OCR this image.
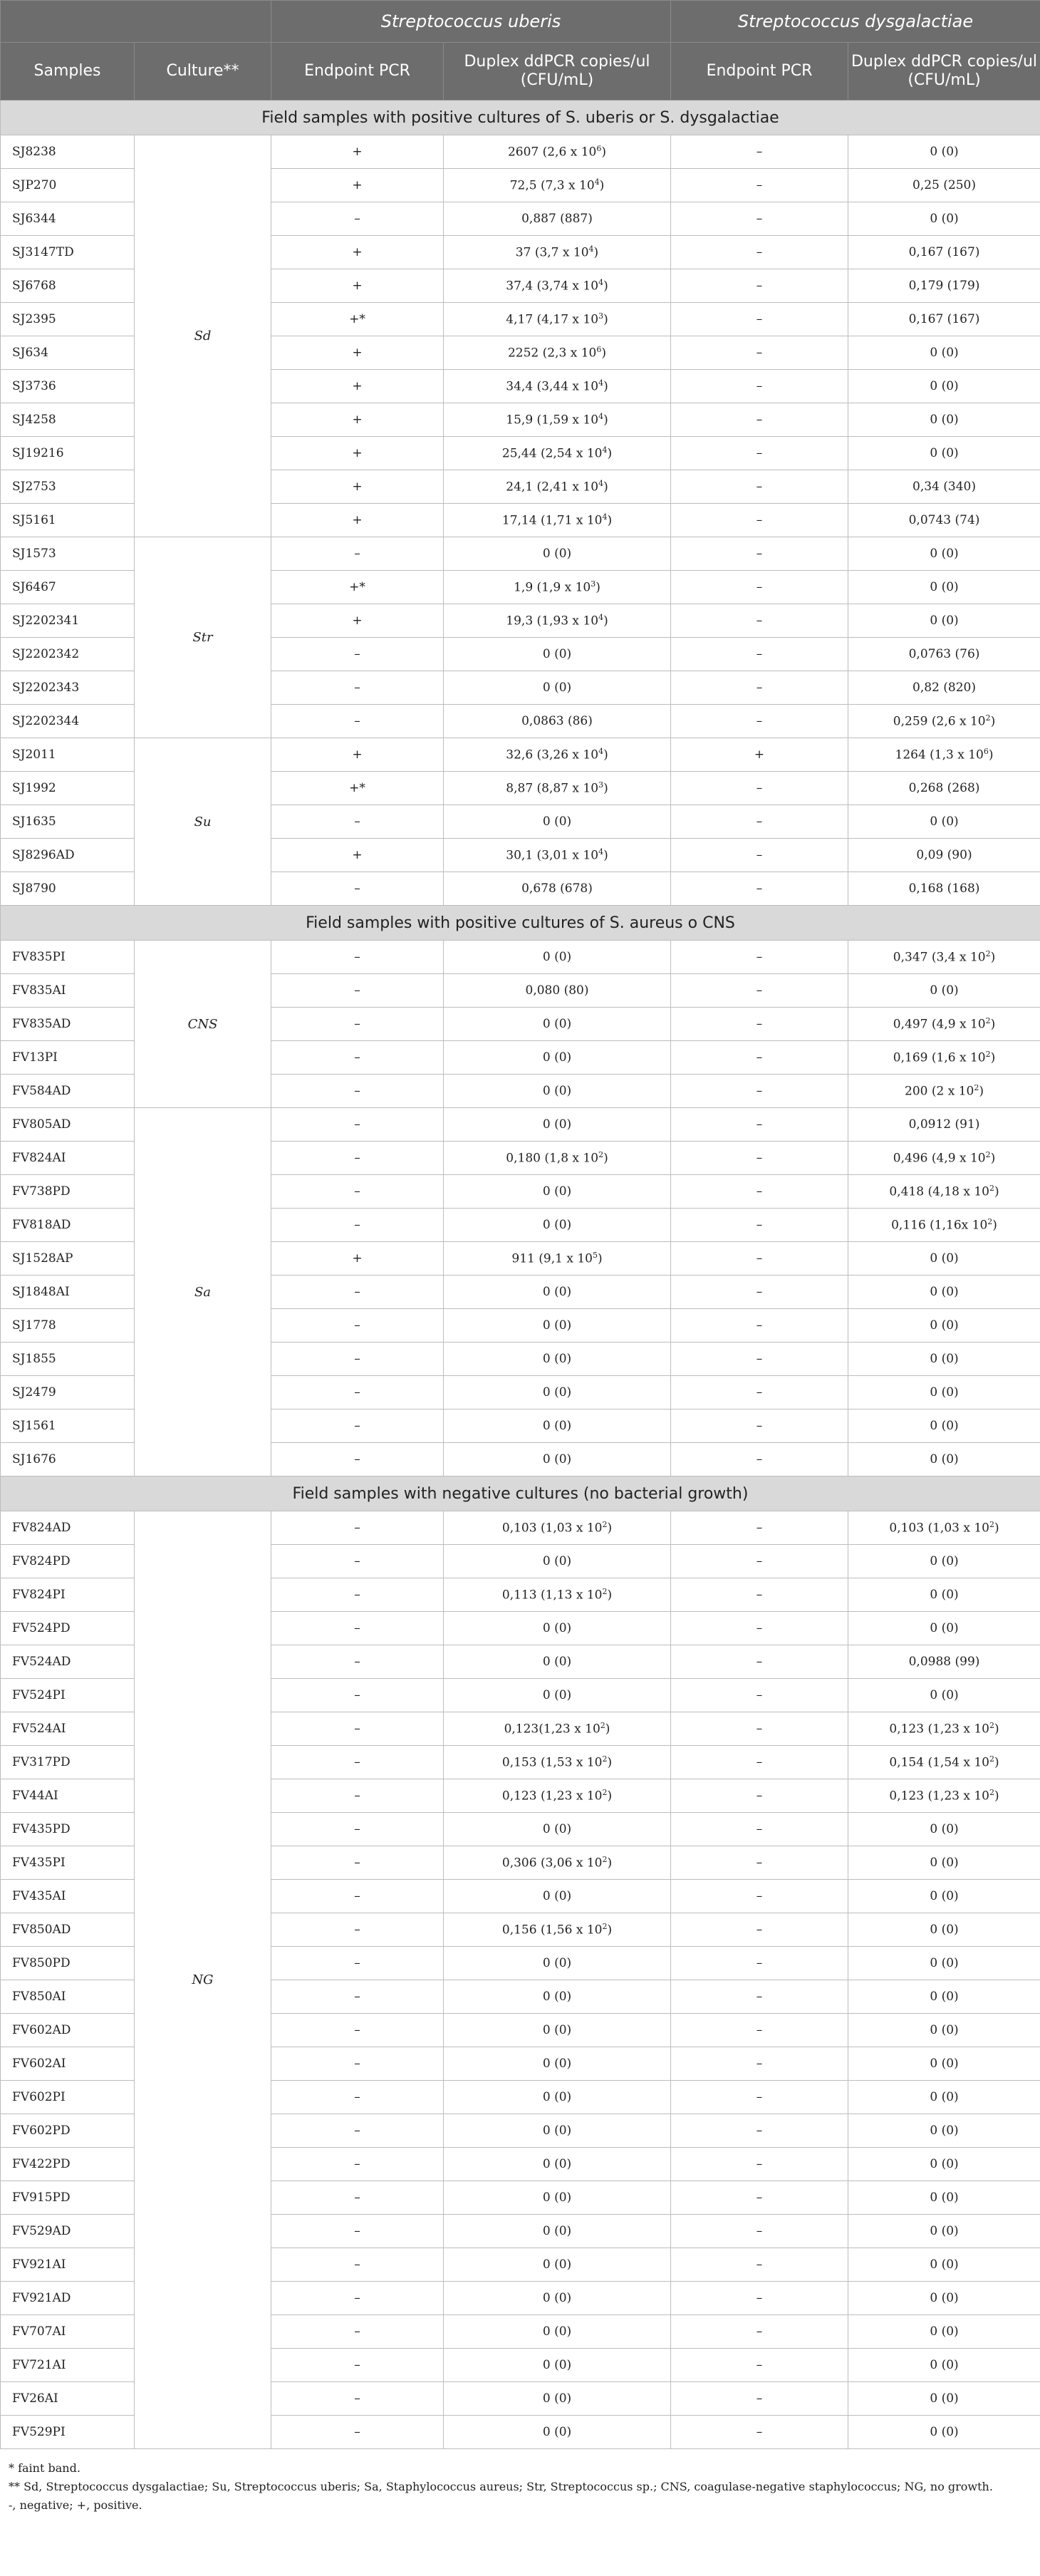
		Streptococcus uberis		Streptococcus dysgalactiae	
Samples	Culture**	Endpoint PCR	Duplex ddPCR copies/ul (CFU/mL)	Endpoint PCR	Duplex ddPCR copies/ul (CFU/mL)
Field samples with positive cultures of S. uberis or S. dysgalactiae					
SJ8238	Sd	+	2607 (2,6 x $10^6$)	–	0 (0)
SJP270		+	72,5 (7,3 x $10^4$)	–	0,25 (250)
SJ6344		–	0,887 (887)	–	0 (0)
SJ3147TD		+	37 (3,7 x $10^4$)	–	0,167 (167)
SJ6768		+	37,4 (3,74 x $10^4$)	–	0,179 (179)
SJ2395		+*	4,17 (4,17 x $10^3$)	–	0,167 (167)
SJ634		+	2252 (2,3 x $10^6$)	–	0 (0)
SJ3736		+	34,4 (3,44 x $10^4$)	–	0 (0)
SJ4258		+	15,9 (1,59 x $10^4$)	–	0 (0)
SJ19216		+	25,44 (2,54 x $10^4$)	–	0 (0)
SJ2753		+	24,1 (2,41 x $10^4$)	–	0,34 (340)
SJ5161		+	17,14 (1,71 x $10^4$)	–	0,0743 (74)
SJ1573	Str	–	0 (0)	–	0 (0)
SJ6467		+*	1,9 (1,9 x $10^3$)	–	0 (0)
SJ2202341		+	19,3 (1,93 x $10^4$)	–	0 (0)
SJ2202342		–	0 (0)	–	0,0763 (76)
SJ2202343		–	0 (0)	–	0,82 (820)
SJ2202344		–	0,0863 (86)	–	0,259 (2,6 x $10^2$)
SJ2011	Su	+	32,6 (3,26 x $10^4$)	+	1264 (1,3 x $10^6$)
SJ1992		+*	8,87 (8,87 x $10^3$)	–	0,268 (268)
SJ1635		–	0 (0)	–	0 (0)
SJ8296AD		+	30,1 (3,01 x $10^4$)	–	0,09 (90)
SJ8790		–	0,678 (678)	–	0,168 (168)
Field samples with positive cultures of S. aureus o CNS					
FV835PI	CNS	–	0 (0)	–	0,347 (3,4 x $10^2$)
FV835AI		–	0,080 (80)	–	0 (0)
FV835AD		–	0 (0)	–	0,497 (4,9 x $10^2$)
FV13PI		–	0 (0)	–	0,169 (1,6 x $10^2$)
FV584AD		–	0 (0)	–	200 (2 x $10^2$)
FV805AD	Sa	–	0 (0)	–	0,0912 (91)
FV824AI		–	0,180 (1,8 x $10^2$)	–	0,496 (4,9 x $10^2$)
FV738PD		–	0 (0)	–	0,418 (4,18 x $10^2$)
FV818AD		–	0 (0)	–	0,116 (1,16x $10^2$)
SJ1528AP		+	911 (9,1 x $10^5$)	–	0 (0)
SJ1848AI		–	0 (0)	–	0 (0)
SJ1778		–	0 (0)	–	0 (0)
SJ1855		–	0 (0)	–	0 (0)
SJ2479		–	0 (0)	–	0 (0)
SJ1561		–	0 (0)	–	0 (0)
SJ1676		–	0 (0)	–	0 (0)
Field samples with negative cultures (no bacterial growth)					
FV824AD	NG	–	0,103 (1,03 x $10^2$)	–	0,103 (1,03 x $10^2$)
FV824PD		–	0 (0)	–	0 (0)
FV824PI		–	0,113 (1,13 x $10^2$)	–	0 (0)
FV524PD		–	0 (0)	–	0 (0)
FV524AD		–	0 (0)	–	0,0988 (99)
FV524PI		–	0 (0)	–	0 (0)
FV524AI		–	0,123(1,23 x $10^2$)	–	0,123 (1,23 x $10^2$)
FV317PD		–	0,153 (1,53 x $10^2$)	–	0,154 (1,54 x $10^2$)
FV44AI		–	0,123 (1,23 x $10^2$)	–	0,123 (1,23 x $10^2$)
FV435PD		–	0 (0)	–	0 (0)
FV435PI		–	0,306 (3,06 x $10^2$)	–	0 (0)
FV435AI		–	0 (0)	–	0 (0)
FV850AD		–	0,156 (1,56 x $10^2$)	–	0 (0)
FV850PD		–	0 (0)	–	0 (0)
FV850AI		–	0 (0)	–	0 (0)
FV602AD		–	0 (0)	–	0 (0)
FV602AI		–	0 (0)	–	0 (0)
FV602PI		–	0 (0)	–	0 (0)
FV602PD		–	0 (0)	–	0 (0)
FV422PD		–	0 (0)	–	0 (0)
FV915PD		–	0 (0)	–	0 (0)
FV529AD		–	0 (0)	–	0 (0)
FV921AI		–	0 (0)	–	0 (0)
FV921AD		–	0 (0)	–	0 (0)
FV707AI		–	0 (0)	–	0 (0)
FV721AI		–	0 (0)	–	0 (0)
FV26AI		–	0 (0)	–	0 (0)
FV529PI		–	0 (0)	–	0 (0)
* faint band.
** Sd, Streptococcus dysgalactiae; Su, Streptococcus uberis; Sa, Staphylococcus aureus; Str, Streptococcus sp.; CNS, coagulase-negative staphylococcus; NG, no growth.
-, negative; +, positive.
